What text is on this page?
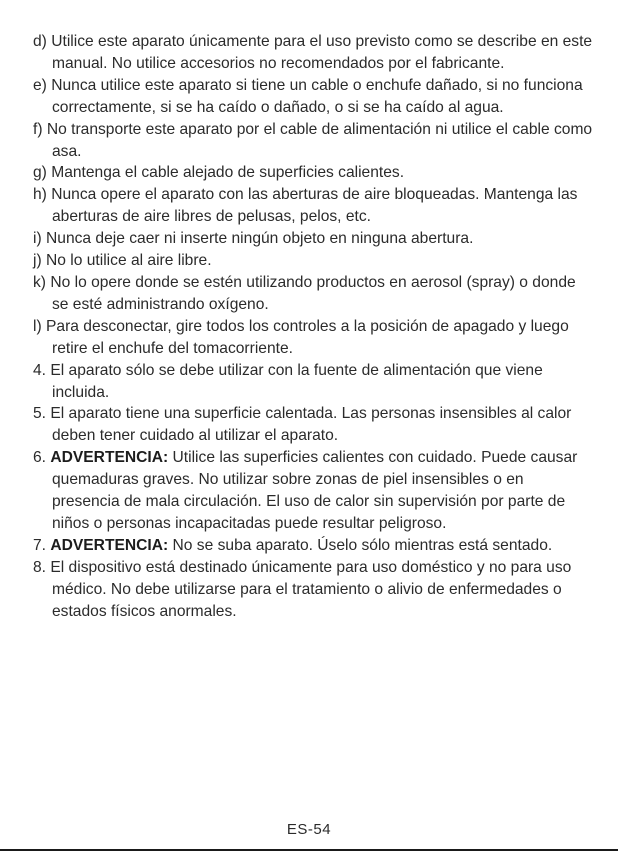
d) Utilice este aparato únicamente para el uso previsto como se describe en este manual. No utilice accesorios no recomendados por el fabricante.

e) Nunca utilice este aparato si tiene un cable o enchufe dañado, si no funciona correctamente, si se ha caído o dañado, o si se ha caído al agua.

f) No transporte este aparato por el cable de alimentación ni utilice el cable como asa.

g) Mantenga el cable alejado de superficies calientes.

h) Nunca opere el aparato con las aberturas de aire bloqueadas. Mantenga las aberturas de aire libres de pelusas, pelos, etc.

i) Nunca deje caer ni inserte ningún objeto en ninguna abertura.

j) No lo utilice al aire libre.

k) No lo opere donde se estén utilizando productos en aerosol (spray) o donde se esté administrando oxígeno.

l) Para desconectar, gire todos los controles a la posición de apagado y luego retire el enchufe del tomacorriente.

4. El aparato sólo se debe utilizar con la fuente de alimentación que viene incluida.

5. El aparato tiene una superficie calentada. Las personas insensibles al calor deben tener cuidado al utilizar el aparato.

6. ADVERTENCIA: Utilice las superficies calientes con cuidado. Puede causar quemaduras graves. No utilizar sobre zonas de piel insensibles o en presencia de mala circulación. El uso de calor sin supervisión por parte de niños o personas incapacitadas puede resultar peligroso.

7. ADVERTENCIA: No se suba aparato. Úselo sólo mientras está sentado.

8. El dispositivo está destinado únicamente para uso doméstico y no para uso médico. No debe utilizarse para el tratamiento o alivio de enfermedades o estados físicos anormales.

ES-54
